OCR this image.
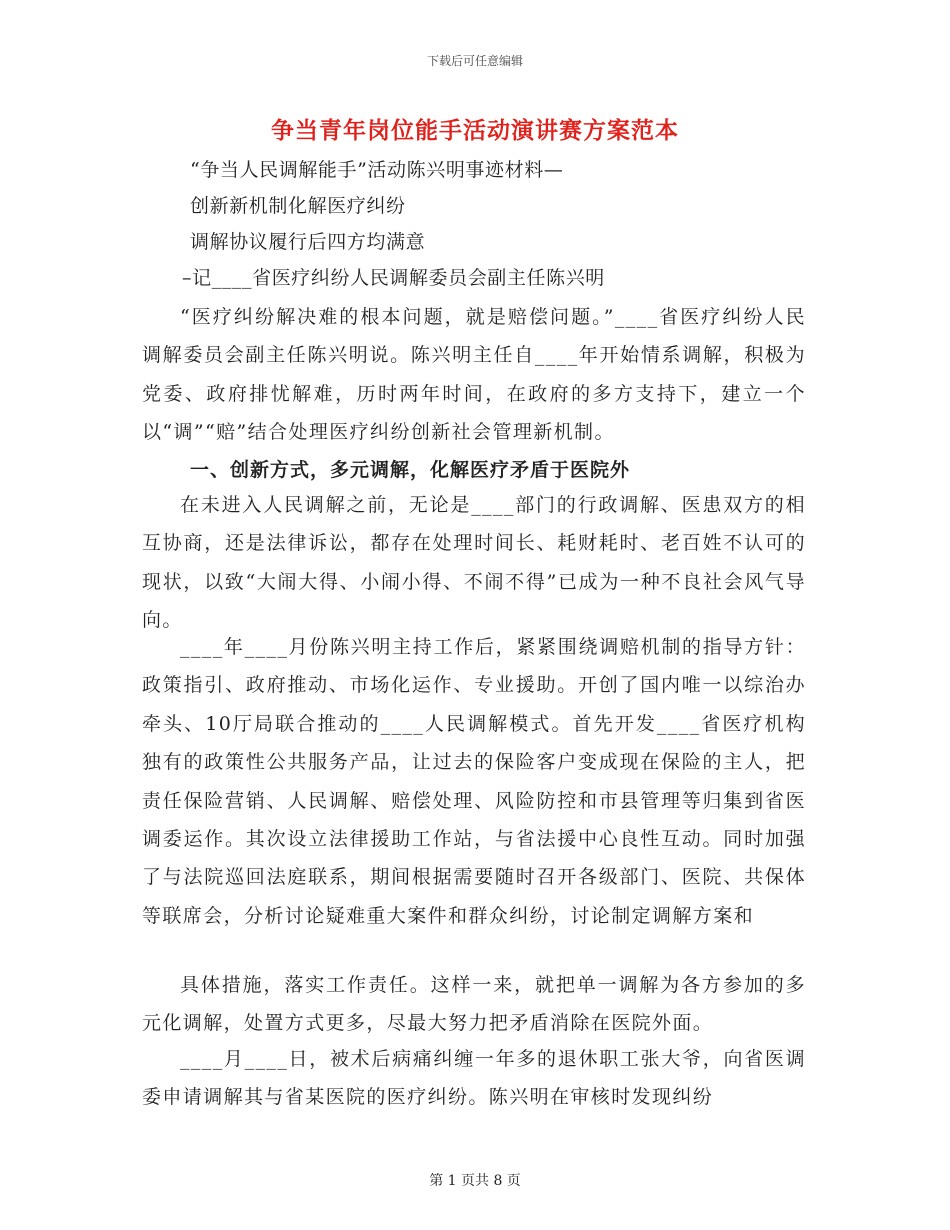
下载后可任意编辑
争当青年岗位能手活动演讲赛方案范本
“争当人民调解能手”活动陈兴明事迹材料—
创新新机制化解医疗纠纷
调解协议履行后四方均满意
–记____省医疗纠纷人民调解委员会副主任陈兴明

“医疗纠纷解决难的根本问题，就是赔偿问题。”____省医疗纠纷人民调解委员会副主任陈兴明说。陈兴明主任自____年开始情系调解，积极为党委、政府排忧解难，历时两年时间，在政府的多方支持下，建立一个以“调”“赔”结合处理医疗纠纷创新社会管理新机制。

一、创新方式，多元调解，化解医疗矛盾于医院外

在未进入人民调解之前，无论是____部门的行政调解、医患双方的相互协商，还是法律诉讼，都存在处理时间长、耗财耗时、老百姓不认可的现状，以致“大闹大得、小闹小得、不闹不得”已成为一种不良社会风气导向。

____年____月份陈兴明主持工作后，紧紧围绕调赔机制的指导方针：政策指引、政府推动、市场化运作、专业援助。开创了国内唯一以综治办牵头、10厅局联合推动的____人民调解模式。首先开发____省医疗机构独有的政策性公共服务产品，让过去的保险客户变成现在保险的主人，把责任保险营销、人民调解、赔偿处理、风险防控和市县管理等归集到省医调委运作。其次设立法律援助工作站，与省法援中心良性互动。同时加强了与法院巡回法庭联系，期间根据需要随时召开各级部门、医院、共保体等联席会，分析讨论疑难重大案件和群众纠纷，讨论制定调解方案和

具体措施，落实工作责任。这样一来，就把单一调解为各方参加的多元化调解，处置方式更多，尽最大努力把矛盾消除在医院外面。

____月____日，被术后病痛纠缠一年多的退休职工张大爷，向省医调委申请调解其与省某医院的医疗纠纷。陈兴明在审核时发现纠纷

第 1 页共 8 页
